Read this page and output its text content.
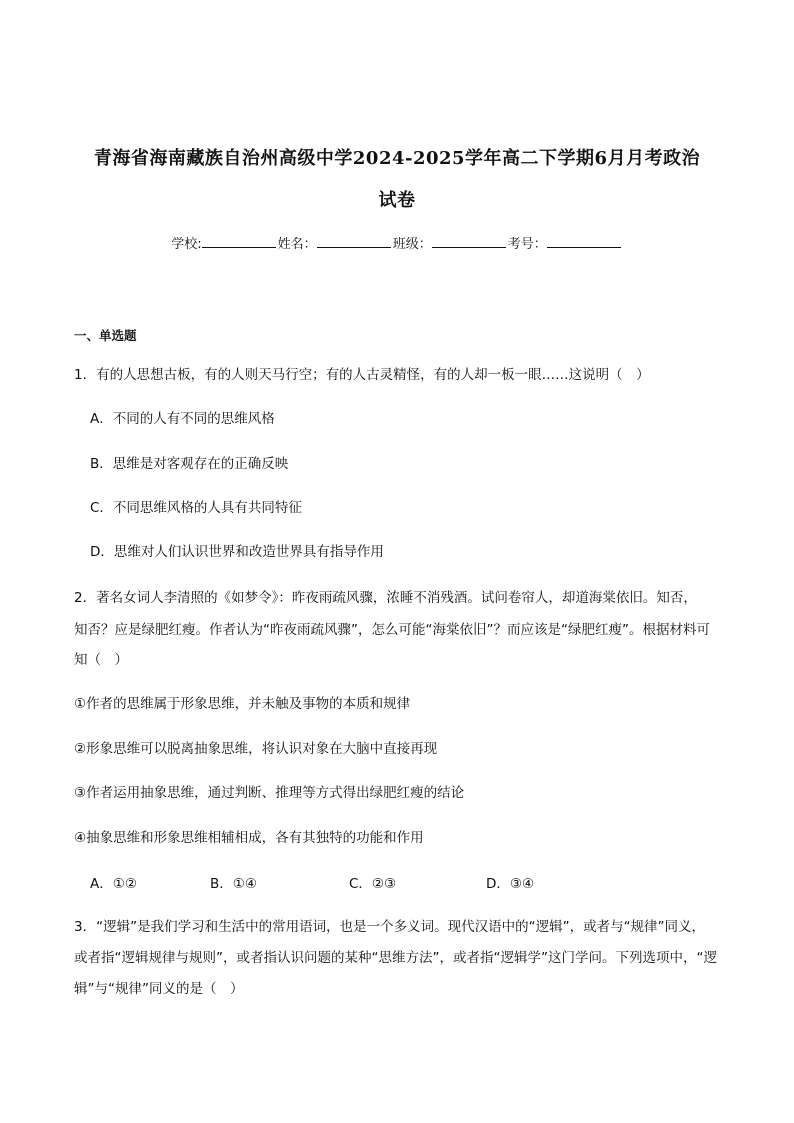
青海省海南藏族自治州高级中学2024-2025学年高二下学期6月月考政治
试卷
学校:	姓名：	班级：	考号：
一、单选题

1．有的人思想古板，有的人则天马行空；有的人古灵精怪，有的人却一板一眼……这说明（　）

A．不同的人有不同的思维风格

B．思维是对客观存在的正确反映

C．不同思维风格的人具有共同特征

D．思维对人们认识世界和改造世界具有指导作用

2．著名女词人李清照的《如梦令》：昨夜雨疏风骤，浓睡不消残酒。试问卷帘人，却道海棠依旧。知否，

知否？应是绿肥红瘦。作者认为“昨夜雨疏风骤”，怎么可能“海棠依旧”？而应该是“绿肥红瘦”。根据材料可

知（　）

①作者的思维属于形象思维，并未触及事物的本质和规律

②形象思维可以脱离抽象思维，将认识对象在大脑中直接再现

③作者运用抽象思维，通过判断、推理等方式得出绿肥红瘦的结论

④抽象思维和形象思维相辅相成，各有其独特的功能和作用

A．①②	B．①④	C．②③	D．③④

3．“逻辑”是我们学习和生活中的常用语词，也是一个多义词。现代汉语中的“逻辑”，或者与“规律”同义，

或者指“逻辑规律与规则”，或者指认识问题的某种“思维方法”，或者指“逻辑学”这门学问。下列选项中，“逻

辑”与“规律”同义的是（　）
